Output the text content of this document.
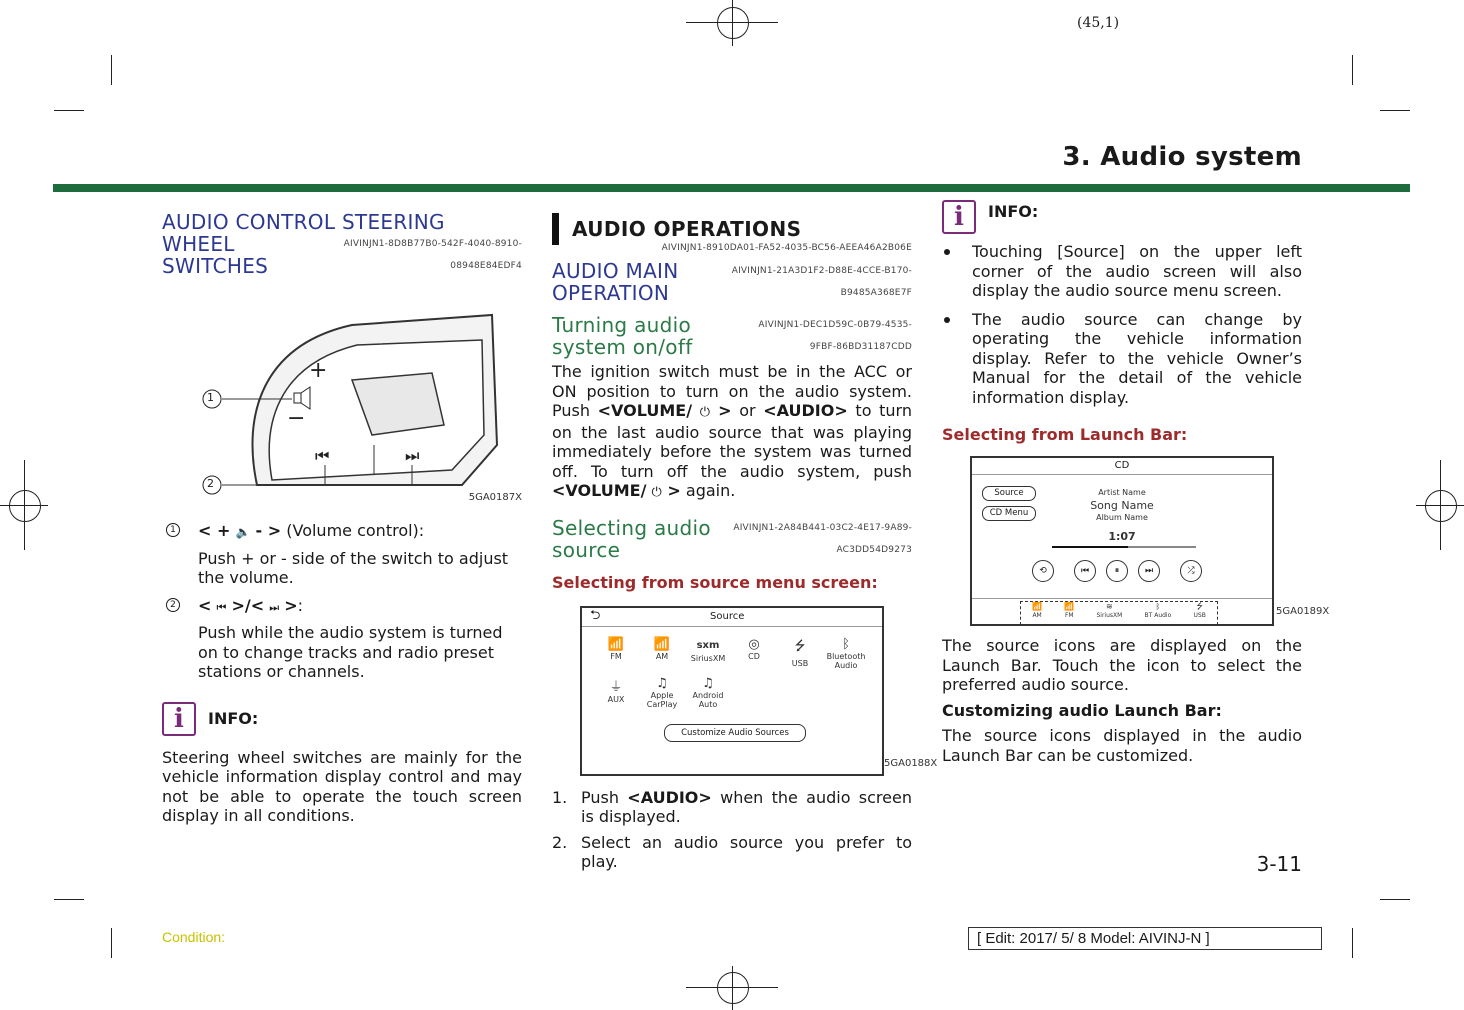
(45,1)
3. Audio system
AUDIO CONTROL STEERING
WHEEL SWITCHES
AIVINJN1-8D8B77B0-542F-4040-8910-08948E84EDF4
+
−
⏮	⏭
1
2
5GA0187X
1 < + 🔈 - > (Volume control):

Push + or - side of the switch to adjust the volume.

2 < ⏮ >/< ⏭ >:

Push while the audio system is turned on to change tracks and radio preset stations or channels.

i	INFO:

Steering wheel switches are mainly for the vehicle information display control and may not be able to operate the touch screen display in all conditions.

AUDIO OPERATIONS
AIVINJN1-8910DA01-FA52-4035-BC56-AEEA46A2B06E
AUDIO MAIN OPERATION
AIVINJN1-21A3D1F2-D88E-4CCE-B170-B9485A368E7F
Turning audio system on/off
AIVINJN1-DEC1D59C-0B79-4535-9FBF-86BD31187CDD

The ignition switch must be in the ACC or ON position to turn on the audio system. Push <VOLUME/ ⏻ > or <AUDIO> to turn on the last audio source that was playing immediately before the system was turned off. To turn off the audio system, push <VOLUME/ ⏻ > again.

Selecting audio source
AIVINJN1-2A84B441-03C2-4E17-9A89-AC3DD54D9273
Selecting from source menu screen:
⮌	Source
📶
FM
📶
AM
sxm
SiriusXM
◎
CD
⭍
USB
ᛒ
Bluetooth Audio
⏚
AUX
♫
Apple CarPlay
♫
Android Auto
Customize Audio Sources
5GA0188X
1. Push <AUDIO> when the audio screen is displayed.

2. Select an audio source you prefer to play.

i	INFO:

Touching [Source] on the upper left corner of the audio screen will also display the audio source menu screen.

The audio source can change by operating the vehicle information display. Refer to the vehicle Owner’s Manual for the detail of the vehicle information display.

Selecting from Launch Bar:
CD
Source
CD Menu
Artist Name
Song Name
Album Name
1:07
⟲	⏮	⏸	⏭	⤮
📶
AM
📶
FM
≋
SiriusXM
ᛒ
BT Audio
⭍
USB	5GA0189X

The source icons are displayed on the Launch Bar. Touch the icon to select the preferred audio source.

Customizing audio Launch Bar:

The source icons displayed in the audio Launch Bar can be customized.

3-11
Condition:	[ Edit: 2017/ 5/ 8 Model: AIVINJ-N ]
